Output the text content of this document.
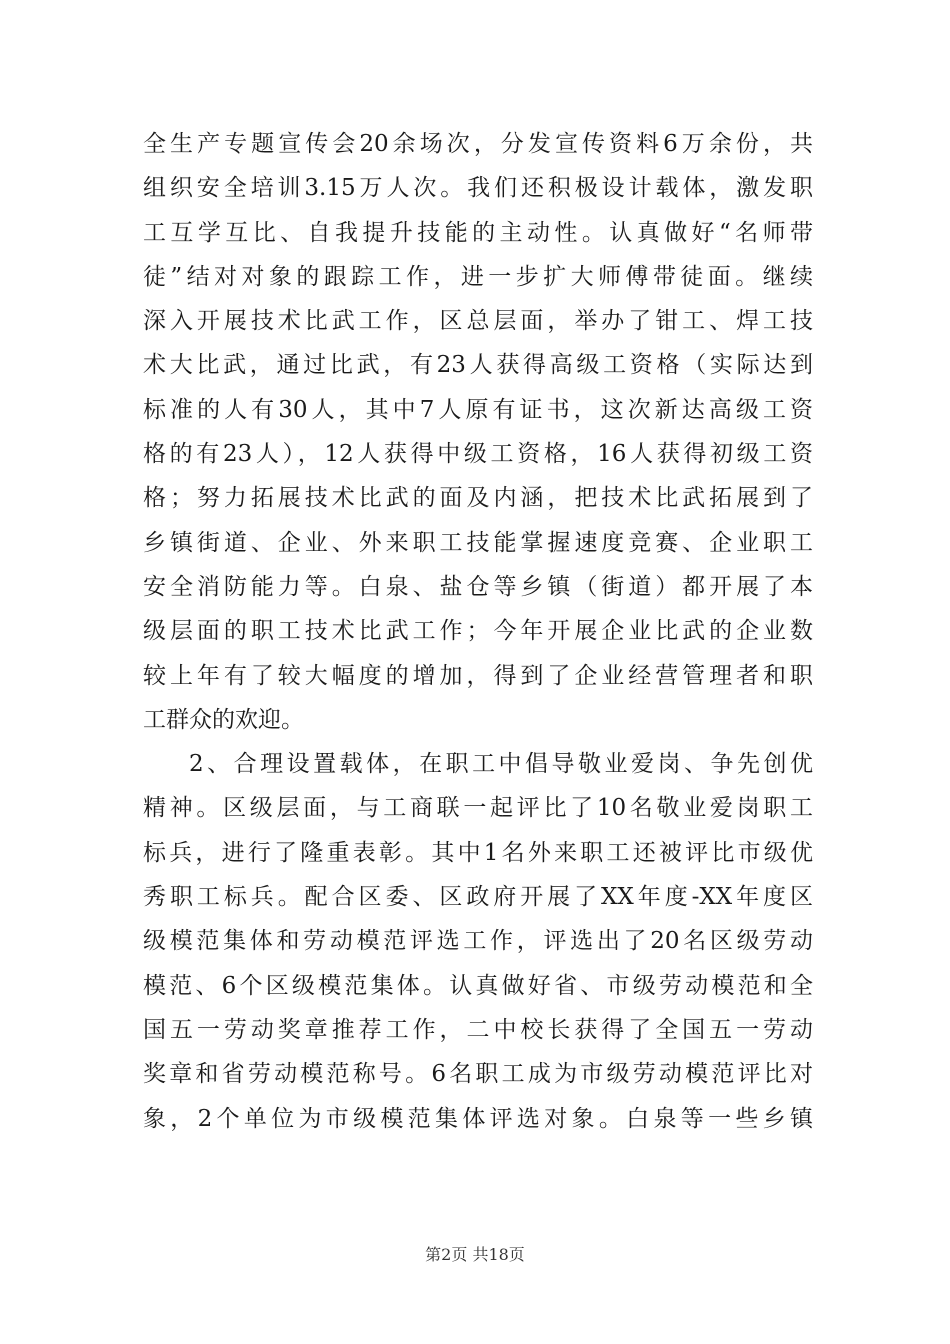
全生产专题宣传会20余场次，分发宣传资料6万余份，共
组织安全培训3.15万人次。我们还积极设计载体，激发职
工互学互比、自我提升技能的主动性。认真做好“名师带
徒”结对对象的跟踪工作，进一步扩大师傅带徒面。继续
深入开展技术比武工作，区总层面，举办了钳工、焊工技
术大比武，通过比武，有23人获得高级工资格（实际达到
标准的人有30人，其中7人原有证书，这次新达高级工资
格的有23人），12人获得中级工资格，16人获得初级工资
格；努力拓展技术比武的面及内涵，把技术比武拓展到了
乡镇街道、企业、外来职工技能掌握速度竞赛、企业职工
安全消防能力等。白泉、盐仓等乡镇（街道）都开展了本
级层面的职工技术比武工作；今年开展企业比武的企业数
较上年有了较大幅度的增加，得到了企业经营管理者和职
工群众的欢迎。
2、合理设置载体，在职工中倡导敬业爱岗、争先创优
精神。区级层面，与工商联一起评比了10名敬业爱岗职工
标兵，进行了隆重表彰。其中1名外来职工还被评比市级优
秀职工标兵。配合区委、区政府开展了XX年度-XX年度区
级模范集体和劳动模范评选工作，评选出了20名区级劳动
模范、6个区级模范集体。认真做好省、市级劳动模范和全
国五一劳动奖章推荐工作，二中校长获得了全国五一劳动
奖章和省劳动模范称号。6名职工成为市级劳动模范评比对
象，2个单位为市级模范集体评选对象。白泉等一些乡镇
第2页 共18页
